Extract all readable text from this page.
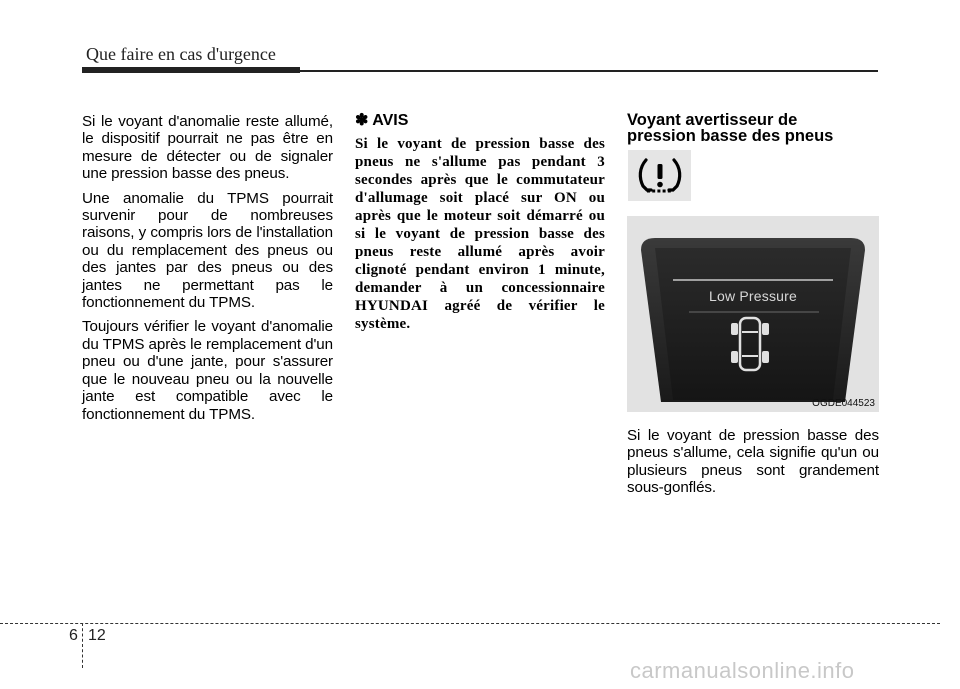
Que faire en cas d'urgence

Si le voyant d'anomalie reste allumé, le dispositif pourrait ne pas être en mesure de détecter ou de signaler une pression basse des pneus.

Une anomalie du TPMS pourrait survenir pour de nombreuses raisons, y compris lors de l'installation ou du remplacement des pneus ou des jantes par des pneus ou des jantes ne permettant pas le fonctionnement du TPMS.

Toujours vérifier le voyant d'anomalie du TPMS après le remplacement d'un pneu ou d'une jante, pour s'assurer que le nouveau pneu ou la nouvelle jante est compatible avec le fonctionnement du TPMS.

✽ AVIS

Si le voyant de pression basse des pneus ne s'allume pas pendant 3 secondes après que le commutateur d'allumage soit placé sur ON ou après que le moteur soit démarré ou si le voyant de pression basse des pneus reste allumé après avoir clignoté pendant environ 1 minute, demander à un concessionnaire HYUNDAI agréé de vérifier le système.

Voyant avertisseur de
pression basse des pneus
Low Pressure
OGDE044523

Si le voyant de pression basse des pneus s'allume, cela signifie qu'un ou plusieurs pneus sont grandement sous-gonflés.

6 12
carmanualsonline.info
